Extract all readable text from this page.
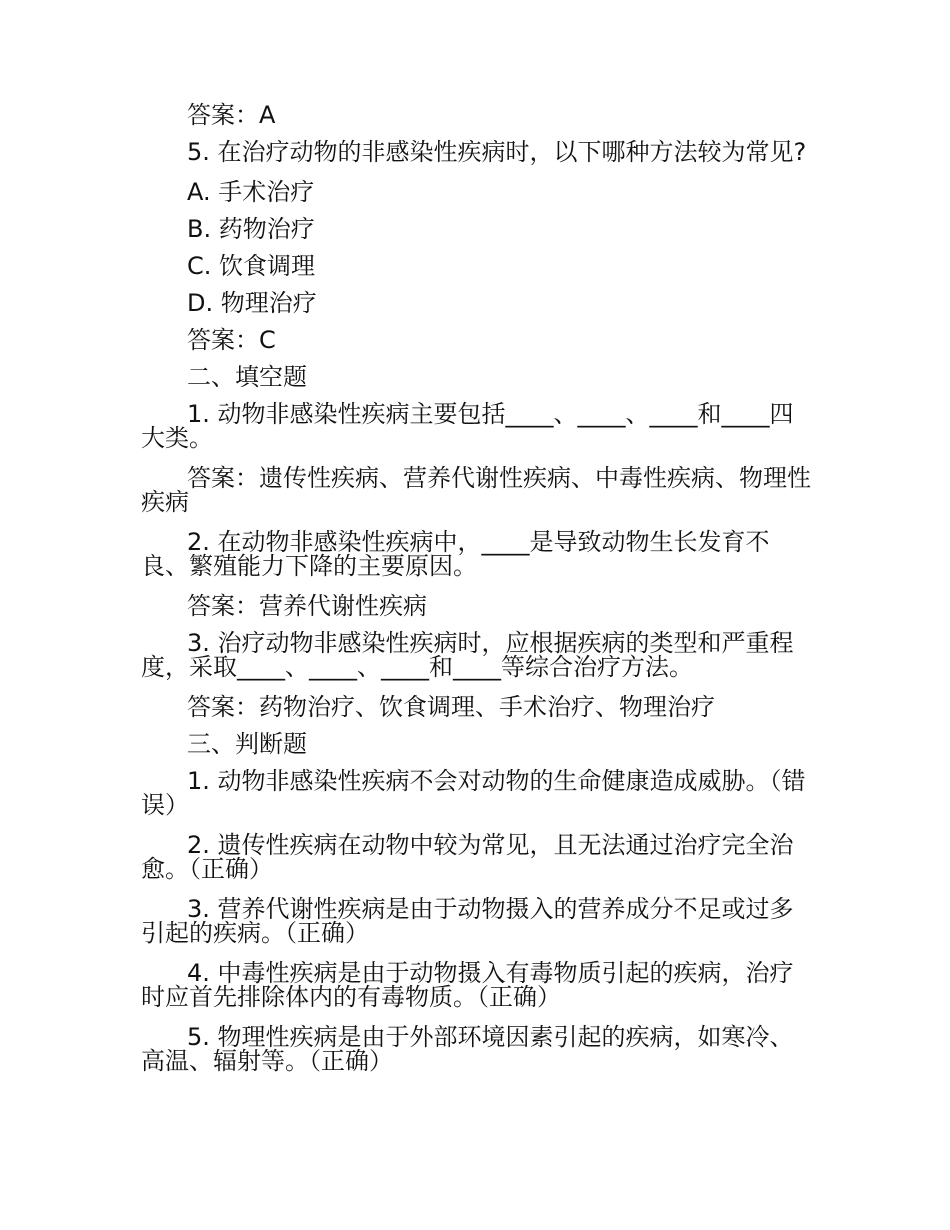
答案：A

5. 在治疗动物的非感染性疾病时，以下哪种方法较为常见?

A. 手术治疗

B. 药物治疗

C. 饮食调理

D. 物理治疗

答案：C

二、填空题

1. 动物非感染性疾病主要包括____、____、____和____四大类。

答案：遗传性疾病、营养代谢性疾病、中毒性疾病、物理性疾病

2. 在动物非感染性疾病中，____是导致动物生长发育不良、繁殖能力下降的主要原因。

答案：营养代谢性疾病

3. 治疗动物非感染性疾病时，应根据疾病的类型和严重程度，采取____、____、____和____等综合治疗方法。

答案：药物治疗、饮食调理、手术治疗、物理治疗

三、判断题

1. 动物非感染性疾病不会对动物的生命健康造成威胁。（错误）

2. 遗传性疾病在动物中较为常见，且无法通过治疗完全治愈。（正确）

3. 营养代谢性疾病是由于动物摄入的营养成分不足或过多引起的疾病。（正确）

4. 中毒性疾病是由于动物摄入有毒物质引起的疾病，治疗时应首先排除体内的有毒物质。（正确）

5. 物理性疾病是由于外部环境因素引起的疾病，如寒冷、高温、辐射等。（正确）
